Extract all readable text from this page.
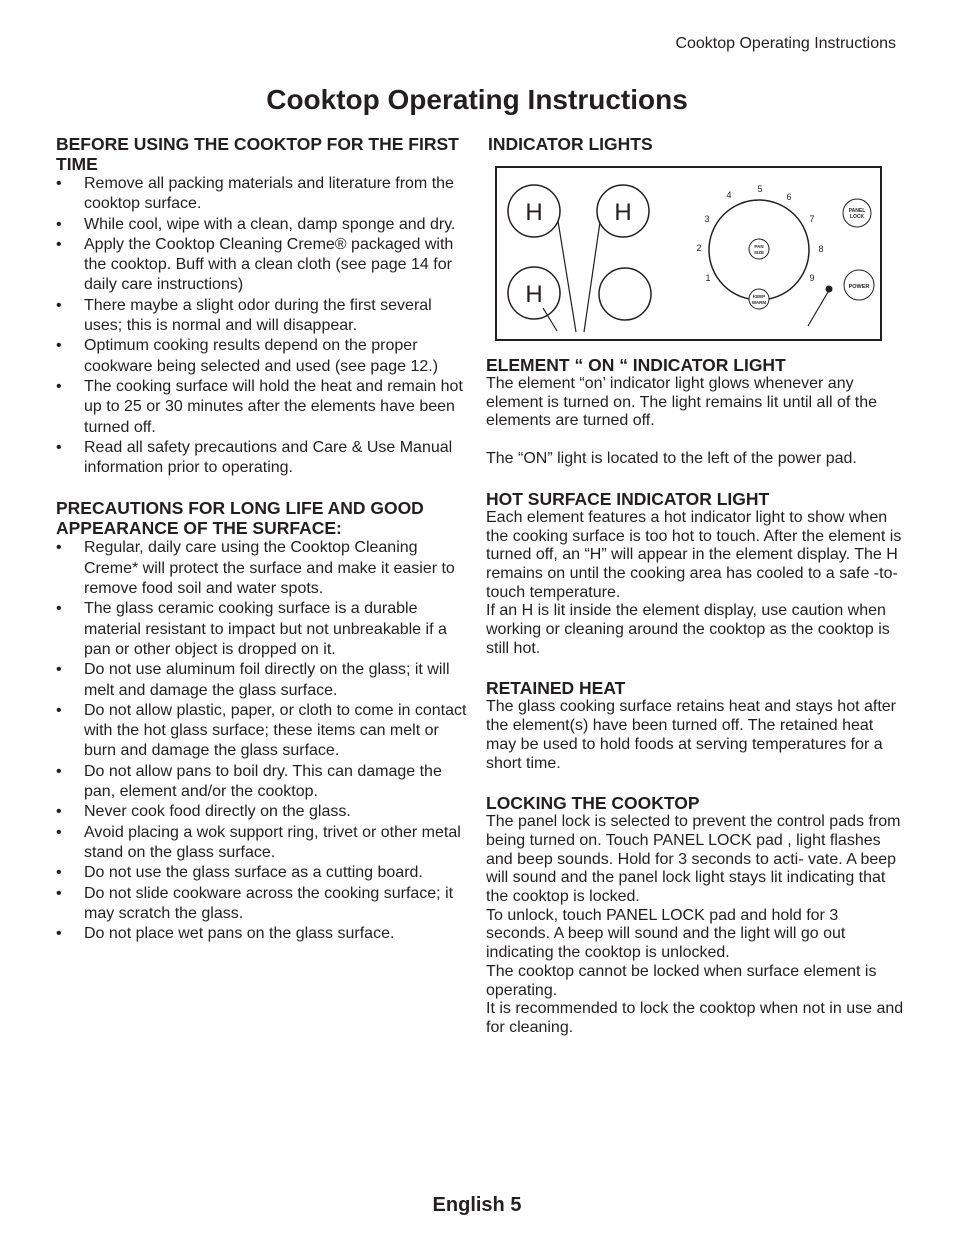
Cooktop Operating Instructions
Cooktop Operating Instructions
BEFORE USING THE COOKTOP FOR THE FIRST TIME
• Remove all packing materials and literature from the cooktop surface.
• While cool, wipe with a clean, damp sponge and dry.
• Apply the Cooktop Cleaning Creme® packaged with the cooktop. Buff with a clean cloth (see page 14 for daily care instructions)
• There maybe a slight odor during the first several uses; this is normal and will disappear.
• Optimum cooking results depend on the proper cookware being selected and used (see page 12.)
• The cooking surface will hold the heat and remain hot up to 25 or 30 minutes after the elements have been turned off.
• Read all safety precautions and Care & Use Manual information prior to operating.
PRECAUTIONS FOR LONG LIFE AND GOOD APPEARANCE OF THE SURFACE:
• Regular, daily care using the Cooktop Cleaning Creme* will protect the surface and make it easier to remove food soil and water spots.
• The glass ceramic cooking surface is a durable material resistant to impact but not unbreakable if a pan or other object is dropped on it.
• Do not use aluminum foil directly on the glass; it will melt and damage the glass surface.
• Do not allow plastic, paper, or cloth to come in contact with the hot glass surface; these items can melt or burn and damage the glass surface.
• Do not allow pans to boil dry. This can damage the pan, element and/or the cooktop.
• Never cook food directly on the glass.
• Avoid placing a wok support ring, trivet or other metal stand on the glass surface.
• Do not use the glass surface as a cutting board.
• Do not slide cookware across the cooking surface; it may scratch the glass.
• Do not place wet pans on the glass surface.
INDICATOR LIGHTS
H	H
H
1
2
3
4
5
6
7
8
9
PAN
SIZE
KEEP
WARM
PANEL
LOCK
POWER
ELEMENT “ ON “ INDICATOR LIGHT

The element “on’ indicator light glows whenever any element is turned on. The light remains lit until all of the elements are turned off.

The “ON” light is located to the left of the power pad.

HOT SURFACE INDICATOR LIGHT

Each element features a hot indicator light to show when the cooking surface is too hot to touch. After the element is turned off, an “H” will appear in the element display. The H remains on until the cooking area has cooled to a safe -to-touch temperature.

If an H is lit inside the element display, use caution when working or cleaning around the cooktop as the cooktop is still hot.

RETAINED HEAT

The glass cooking surface retains heat and stays hot after the element(s) have been turned off. The retained heat may be used to hold foods at serving temperatures for a short time.

LOCKING THE COOKTOP

The panel lock is selected to prevent the control pads from being turned on. Touch PANEL LOCK pad , light flashes and beep sounds. Hold for 3 seconds to acti- vate. A beep will sound and the panel lock light stays lit indicating that the cooktop is locked.

To unlock, touch PANEL LOCK pad and hold for 3 seconds. A beep will sound and the light will go out indicating the cooktop is unlocked.

The cooktop cannot be locked when surface element is operating.

It is recommended to lock the cooktop when not in use and for cleaning.

English 5
